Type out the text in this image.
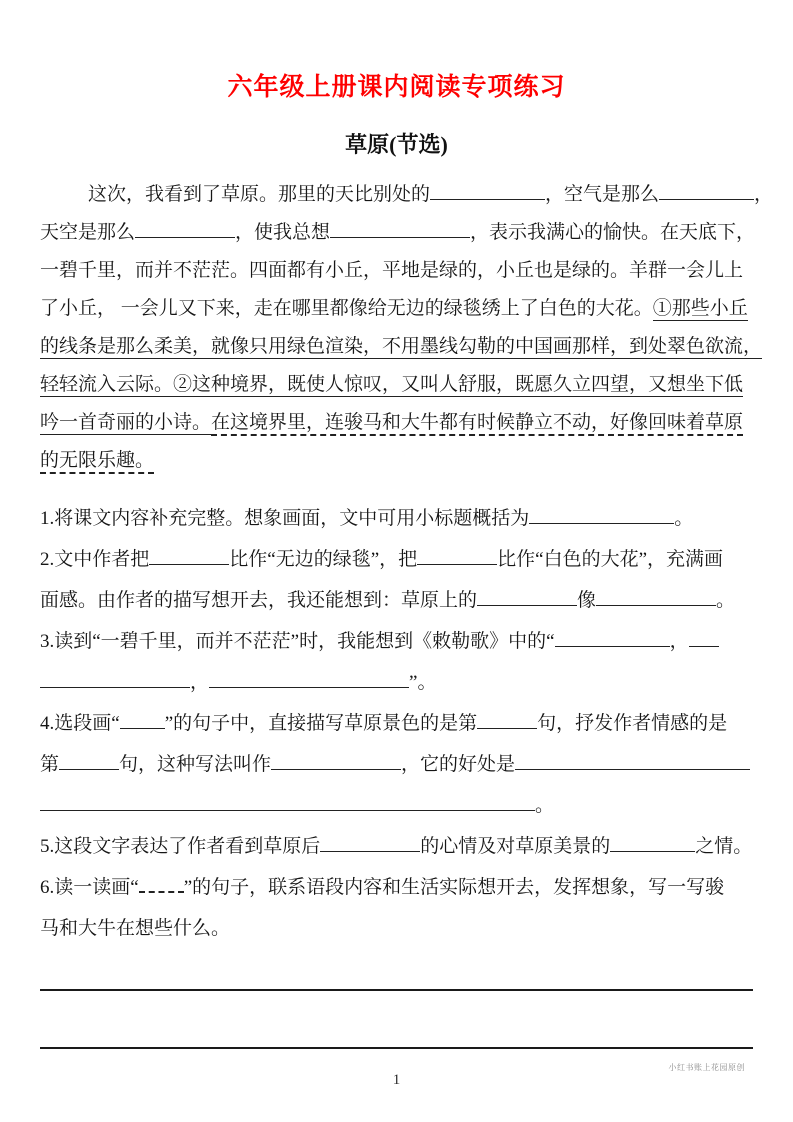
六年级上册课内阅读专项练习
草原(节选)
这次，我看到了草原。那里的天比别处的	，空气是那么	，
天空是那么	，使我总想	，表示我满心的愉快。在天底下，
一碧千里，而并不茫茫。四面都有小丘，平地是绿的，小丘也是绿的。羊群一会儿上
了小丘， 一会儿又下来，走在哪里都像给无边的绿毯绣上了白色的大花。①那些小丘
的线条是那么柔美，就像只用绿色渲染，不用墨线勾勒的中国画那样，到处翠色欲流，
轻轻流入云际。②这种境界，既使人惊叹，又叫人舒服，既愿久立四望，又想坐下低
吟一首奇丽的小诗。在这境界里，连骏马和大牛都有时候静立不动，好像回味着草原
的无限乐趣。
1.将课文内容补充完整。想象画面，文中可用小标题概括为	。
2.文中作者把	比作“无边的绿毯”，把	比作“白色的大花”，充满画
面感。由作者的描写想开去，我还能想到：草原上的	像	。
3.读到“一碧千里，而并不茫茫”时，我能想到《敕勒歌》中的“	，
，	”。
4.选段画“ ”的句子中，直接描写草原景色的是第	句，抒发作者情感的是
第	句，这种写法叫作	，它的好处是
。
5.这段文字表达了作者看到草原后	的心情及对草原美景的	之情。
6.读一读画“ ”的句子，联系语段内容和生活实际想开去，发挥想象，写一写骏
马和大牛在想些什么。
小红书账上花园原创
1
